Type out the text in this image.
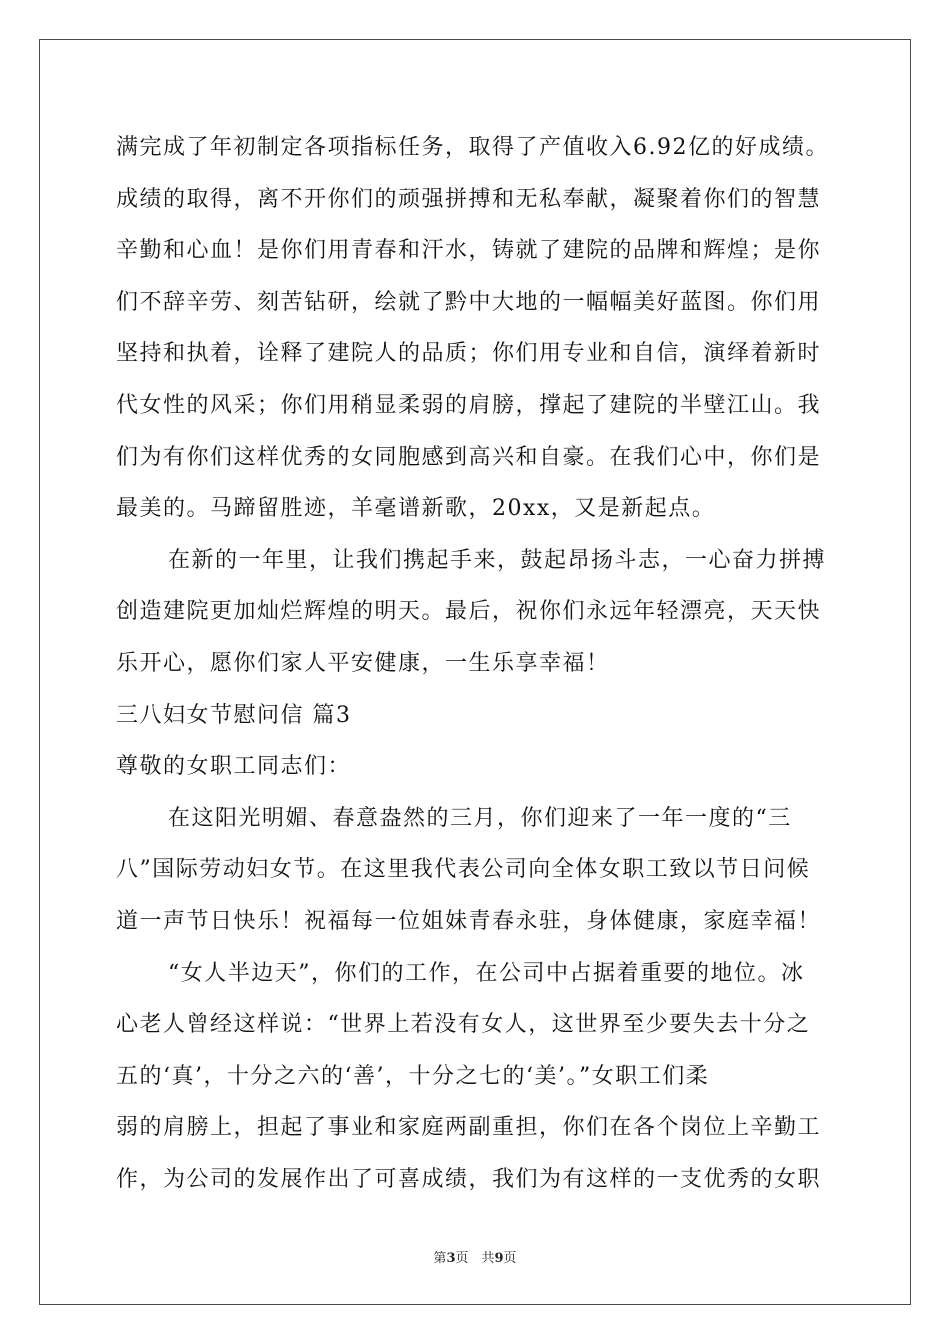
满完成了年初制定各项指标任务，取得了产值收入6.92亿的好成绩。
成绩的取得，离不开你们的顽强拼搏和无私奉献，凝聚着你们的智慧
辛勤和心血！是你们用青春和汗水，铸就了建院的品牌和辉煌；是你
们不辞辛劳、刻苦钻研，绘就了黔中大地的一幅幅美好蓝图。你们用
坚持和执着，诠释了建院人的品质；你们用专业和自信，演绎着新时
代女性的风采；你们用稍显柔弱的肩膀，撑起了建院的半壁江山。我
们为有你们这样优秀的女同胞感到高兴和自豪。在我们心中，你们是
最美的。马蹄留胜迹，羊毫谱新歌，20xx，又是新起点。
在新的一年里，让我们携起手来，鼓起昂扬斗志，一心奋力拼搏
创造建院更加灿烂辉煌的明天。最后，祝你们永远年轻漂亮，天天快
乐开心，愿你们家人平安健康，一生乐享幸福！
三八妇女节慰问信 篇3
尊敬的女职工同志们：
在这阳光明媚、春意盎然的三月，你们迎来了一年一度的“三
八”国际劳动妇女节。在这里我代表公司向全体女职工致以节日问候
道一声节日快乐！祝福每一位姐妹青春永驻，身体健康，家庭幸福！
“女人半边天”，你们的工作，在公司中占据着重要的地位。冰
心老人曾经这样说：“世界上若没有女人，这世界至少要失去十分之
五的‘真’，十分之六的‘善’，十分之七的‘美’。”女职工们柔
弱的肩膀上，担起了事业和家庭两副重担，你们在各个岗位上辛勤工
作，为公司的发展作出了可喜成绩，我们为有这样的一支优秀的女职
第3页　共9页
